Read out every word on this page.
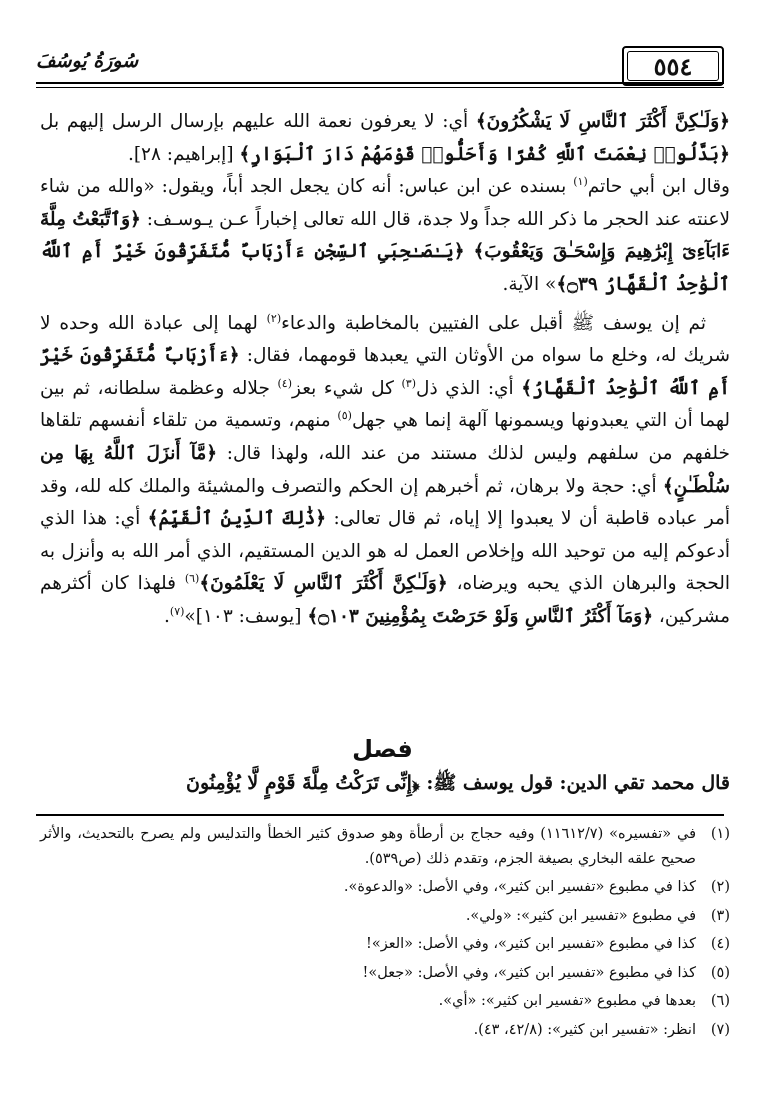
سُورَةُ يُوسُفَ	٥٥٤

﴿وَلَـٰكِنَّ أَكْثَرَ ٱلنَّاسِ لَا يَشْكُرُونَ﴾ أي: لا يعرفون نعمة الله عليهم بإرسال الرسل إليهم بل ﴿بَدَّلُوا۟ نِعْمَتَ ٱللَّهِ كُفْرًا وَأَحَلُّوا۟ قَوْمَهُمْ دَارَ ٱلْبَوَارِ﴾ [إبراهيم: ٢٨].

وقال ابن أبي حاتم$^{(١)}$ بسنده عن ابن عباس: أنه كان يجعل الجد أباً، ويقول: «والله من شاء لاعنته عند الحجر ما ذكر الله جداً ولا جدة، قال الله تعالى إخباراً عـن يـوسـف: ﴿وَٱتَّبَعْتُ مِلَّةَ ءَابَآءِىٓ إِبْرَٰهِيمَ وَإِسْحَـٰقَ وَيَعْقُوبَ﴾ ﴿يَـٰصَـٰحِبَىِ ٱلسِّجْنِ ءَأَرْبَابٌ مُّتَفَرِّقُونَ خَيْرٌ أَمِ ٱللَّهُ ٱلْوَٰحِدُ ٱلْقَهَّارُ ۝٣٩﴾» الآية.

ثم إن يوسف ﷺ أقبل على الفتيين بالمخاطبة والدعاء$^{(٢)}$ لهما إلى عبادة الله وحده لا شريك له، وخلع ما سواه من الأوثان التي يعبدها قومهما، فقال: ﴿ءَأَرْبَابٌ مُّتَفَرِّقُونَ خَيْرٌ أَمِ ٱللَّهُ ٱلْوَٰحِدُ ٱلْقَهَّارُ﴾ أي: الذي ذل$^{(٣)}$ كل شيء بعز$^{(٤)}$ جلاله وعظمة سلطانه، ثم بين لهما أن التي يعبدونها ويسمونها آلهة إنما هي جهل$^{(٥)}$ منهم، وتسمية من تلقاء أنفسهم تلقاها خلفهم من سلفهم وليس لذلك مستند من عند الله، ولهذا قال: ﴿مَّآ أَنزَلَ ٱللَّهُ بِهَا مِن سُلْطَـٰنٍ﴾ أي: حجة ولا برهان، ثم أخبرهم إن الحكم والتصرف والمشيئة والملك كله لله، وقد أمر عباده قاطبة أن لا يعبدوا إلا إياه، ثم قال تعالى: ﴿ذَٰلِكَ ٱلدِّينُ ٱلْقَيِّمُ﴾ أي: هذا الذي أدعوكم إليه من توحيد الله وإخلاص العمل له هو الدين المستقيم، الذي أمر الله به وأنزل به الحجة والبرهان الذي يحبه ويرضاه، ﴿وَلَـٰكِنَّ أَكْثَرَ ٱلنَّاسِ لَا يَعْلَمُونَ﴾$^{(٦)}$ فلهذا كان أكثرهم مشركين، ﴿وَمَآ أَكْثَرُ ٱلنَّاسِ وَلَوْ حَرَصْتَ بِمُؤْمِنِينَ ۝١٠٣﴾ [يوسف: ١٠٣]»$^{(٧)}$.

فصل
قال محمد تقي الدين: قول يوسف ﷺ: ﴿إِنِّى تَرَكْتُ مِلَّةَ قَوْمٍ لَّا يُؤْمِنُونَ
(١)
في «تفسيره» (١١٦١٢/٧) وفيه حجاج بن أرطأة وهو صدوق كثير الخطأ والتدليس ولم يصرح بالتحديث، والأثر صحيح علقه البخاري بصيغة الجزم، وتقدم ذلك (ص٥٣٩).
(٢)
كذا في مطبوع «تفسير ابن كثير»، وفي الأصل: «والدعوة».
(٣)
في مطبوع «تفسير ابن كثير»: «ولي».
(٤)
كذا في مطبوع «تفسير ابن كثير»، وفي الأصل: «العز»!
(٥)
كذا في مطبوع «تفسير ابن كثير»، وفي الأصل: «جعل»!
(٦)
بعدها في مطبوع «تفسير ابن كثير»: «أي».
(٧)
انظر: «تفسير ابن كثير»: (٤٢/٨، ٤٣).
